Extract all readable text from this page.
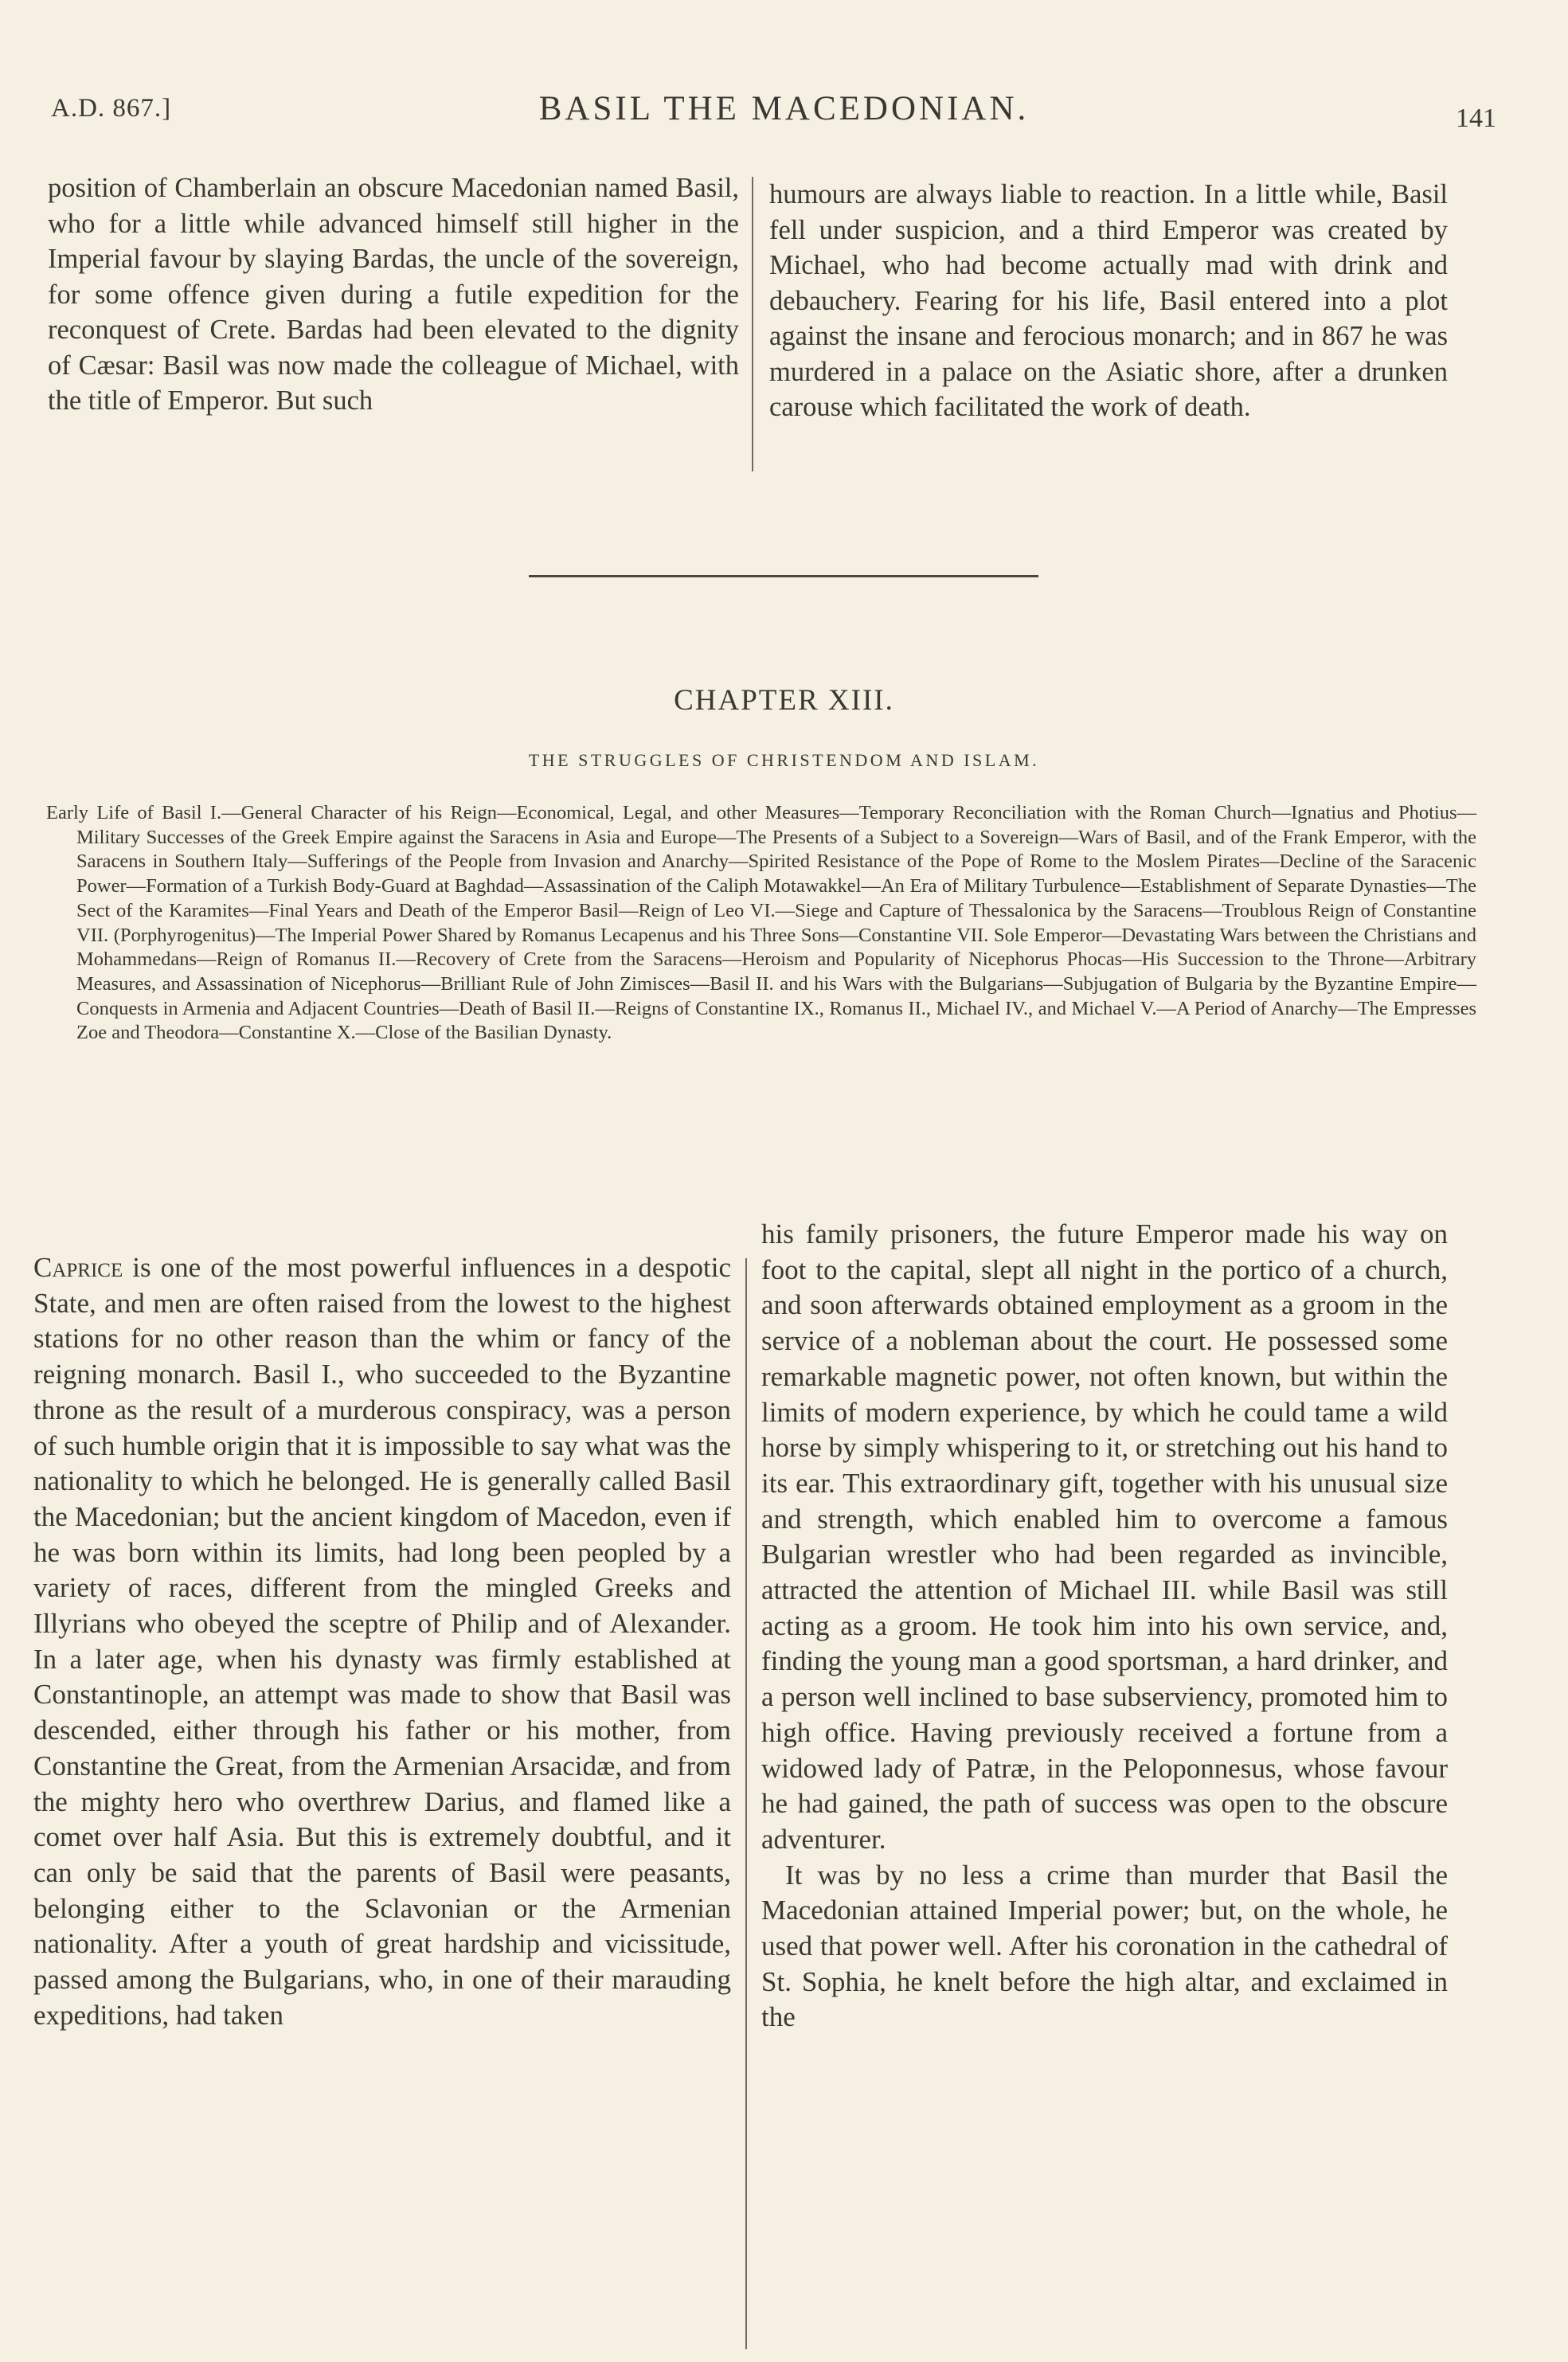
A.D. 867.]	BASIL THE MACEDONIAN.	141

position of Chamberlain an obscure Macedonian named Basil, who for a little while advanced himself still higher in the Imperial favour by slaying Bardas, the uncle of the sovereign, for some offence given during a futile expedition for the reconquest of Crete. Bardas had been elevated to the dignity of Cæsar: Basil was now made the colleague of Michael, with the title of Emperor. But such

humours are always liable to reaction. In a little while, Basil fell under suspicion, and a third Emperor was created by Michael, who had become actually mad with drink and debauchery. Fearing for his life, Basil entered into a plot against the insane and ferocious monarch; and in 867 he was murdered in a palace on the Asiatic shore, after a drunken carouse which facilitated the work of death.

CHAPTER XIII.
THE STRUGGLES OF CHRISTENDOM AND ISLAM.
Early Life of Basil I.—General Character of his Reign—Economical, Legal, and other Measures—Temporary Reconciliation with the Roman Church—Ignatius and Photius—Military Successes of the Greek Empire against the Saracens in Asia and Europe—The Presents of a Subject to a Sovereign—Wars of Basil, and of the Frank Emperor, with the Saracens in Southern Italy—Sufferings of the People from Invasion and Anarchy—Spirited Resistance of the Pope of Rome to the Moslem Pirates—Decline of the Saracenic Power—Formation of a Turkish Body-Guard at Baghdad—Assassination of the Caliph Motawakkel—An Era of Military Turbulence—Establishment of Separate Dynasties—The Sect of the Karamites—Final Years and Death of the Emperor Basil—Reign of Leo VI.—Siege and Capture of Thessalonica by the Saracens—Troublous Reign of Constantine VII. (Porphyrogenitus)—The Imperial Power Shared by Romanus Lecapenus and his Three Sons—Constantine VII. Sole Emperor—Devastating Wars between the Christians and Mohammedans—Reign of Romanus II.—Recovery of Crete from the Saracens—Heroism and Popularity of Nicephorus Phocas—His Succession to the Throne—Arbitrary Measures, and Assassination of Nicephorus—Brilliant Rule of John Zimisces—Basil II. and his Wars with the Bulgarians—Subjugation of Bulgaria by the Byzantine Empire—Conquests in Armenia and Adjacent Countries—Death of Basil II.—Reigns of Constantine IX., Romanus II., Michael IV., and Michael V.—A Period of Anarchy—The Empresses Zoe and Theodora—Constantine X.—Close of the Basilian Dynasty.

Caprice is one of the most powerful influences in a despotic State, and men are often raised from the lowest to the highest stations for no other reason than the whim or fancy of the reigning monarch. Basil I., who succeeded to the Byzantine throne as the result of a murderous conspiracy, was a person of such humble origin that it is impossible to say what was the nationality to which he belonged. He is generally called Basil the Macedonian; but the ancient kingdom of Macedon, even if he was born within its limits, had long been peopled by a variety of races, different from the mingled Greeks and Illyrians who obeyed the sceptre of Philip and of Alexander. In a later age, when his dynasty was firmly established at Constantinople, an attempt was made to show that Basil was descended, either through his father or his mother, from Constantine the Great, from the Armenian Arsacidæ, and from the mighty hero who overthrew Darius, and flamed like a comet over half Asia. But this is extremely doubtful, and it can only be said that the parents of Basil were peasants, belonging either to the Sclavonian or the Armenian nationality. After a youth of great hardship and vicissitude, passed among the Bulgarians, who, in one of their marauding expeditions, had taken

his family prisoners, the future Emperor made his way on foot to the capital, slept all night in the portico of a church, and soon afterwards obtained employment as a groom in the service of a nobleman about the court. He possessed some remarkable magnetic power, not often known, but within the limits of modern experience, by which he could tame a wild horse by simply whispering to it, or stretching out his hand to its ear. This extraordinary gift, together with his unusual size and strength, which enabled him to overcome a famous Bulgarian wrestler who had been regarded as invincible, attracted the attention of Michael III. while Basil was still acting as a groom. He took him into his own service, and, finding the young man a good sportsman, a hard drinker, and a person well inclined to base subserviency, promoted him to high office. Having previously received a fortune from a widowed lady of Patræ, in the Peloponnesus, whose favour he had gained, the path of success was open to the obscure adventurer.

It was by no less a crime than murder that Basil the Macedonian attained Imperial power; but, on the whole, he used that power well. After his coronation in the cathedral of St. Sophia, he knelt before the high altar, and exclaimed in the
